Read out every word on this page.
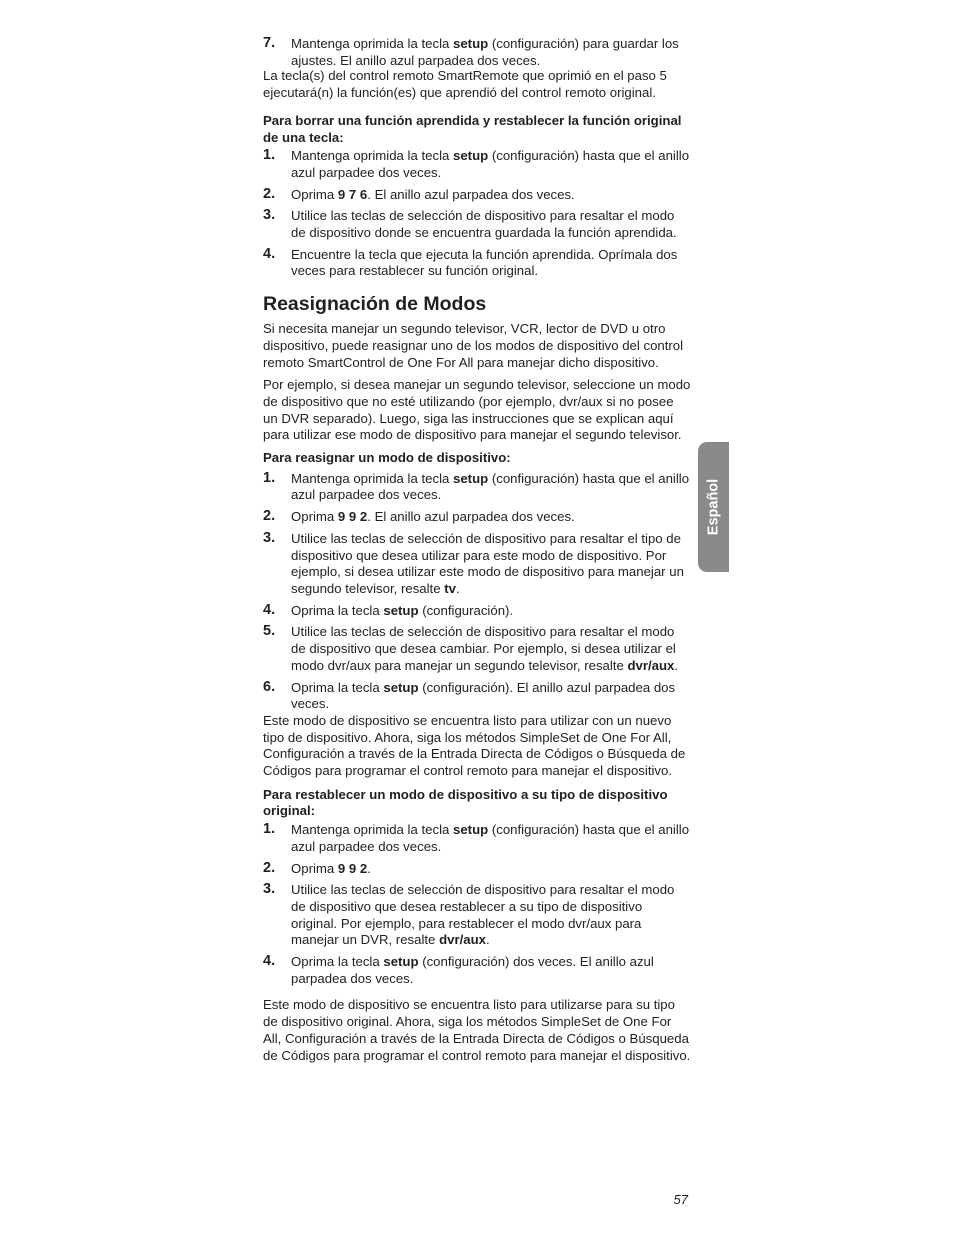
7. Mantenga oprimida la tecla setup (configuración) para guardar los ajustes. El anillo azul parpadea dos veces.

La tecla(s) del control remoto SmartRemote que oprimió en el paso 5 ejecutará(n) la función(es) que aprendió del control remoto original.

Para borrar una función aprendida y restablecer la función original de una tecla:

1. Mantenga oprimida la tecla setup (configuración) hasta que el anillo azul parpadee dos veces.
2. Oprima 9 7 6. El anillo azul parpadea dos veces.
3. Utilice las teclas de selección de dispositivo para resaltar el modo de dispositivo donde se encuentra guardada la función aprendida.
4. Encuentre la tecla que ejecuta la función aprendida. Oprímala dos veces para restablecer su función original.
Reasignación de Modos

Si necesita manejar un segundo televisor, VCR, lector de DVD u otro dispositivo, puede reasignar uno de los modos de dispositivo del control remoto SmartControl de One For All para manejar dicho dispositivo.

Por ejemplo, si desea manejar un segundo televisor, seleccione un modo de dispositivo que no esté utilizando (por ejemplo, dvr/aux si no posee un DVR separado). Luego, siga las instrucciones que se explican aquí para utilizar ese modo de dispositivo para manejar el segundo televisor.

Para reasignar un modo de dispositivo:

1. Mantenga oprimida la tecla setup (configuración) hasta que el anillo azul parpadee dos veces.
2. Oprima 9 9 2. El anillo azul parpadea dos veces.
3. Utilice las teclas de selección de dispositivo para resaltar el tipo de dispositivo que desea utilizar para este modo de dispositivo. Por ejemplo, si desea utilizar este modo de dispositivo para manejar un segundo televisor, resalte tv.
4. Oprima la tecla setup (configuración).
5. Utilice las teclas de selección de dispositivo para resaltar el modo de dispositivo que desea cambiar. Por ejemplo, si desea utilizar el modo dvr/aux para manejar un segundo televisor, resalte dvr/aux.
6. Oprima la tecla setup (configuración). El anillo azul parpadea dos veces.

Este modo de dispositivo se encuentra listo para utilizar con un nuevo tipo de dispositivo. Ahora, siga los métodos SimpleSet de One For All, Configuración a través de la Entrada Directa de Códigos o Búsqueda de Códigos para programar el control remoto para manejar el dispositivo.

Para restablecer un modo de dispositivo a su tipo de dispositivo original:

1. Mantenga oprimida la tecla setup (configuración) hasta que el anillo azul parpadee dos veces.
2. Oprima 9 9 2.
3. Utilice las teclas de selección de dispositivo para resaltar el modo de dispositivo que desea restablecer a su tipo de dispositivo original. Por ejemplo, para restablecer el modo dvr/aux para manejar un DVR, resalte dvr/aux.
4. Oprima la tecla setup (configuración) dos veces. El anillo azul parpadea dos veces.

Este modo de dispositivo se encuentra listo para utilizarse para su tipo de dispositivo original. Ahora, siga los métodos SimpleSet de One For All, Configuración a través de la Entrada Directa de Códigos o Búsqueda de Códigos para programar el control remoto para manejar el dispositivo.

Español
57
